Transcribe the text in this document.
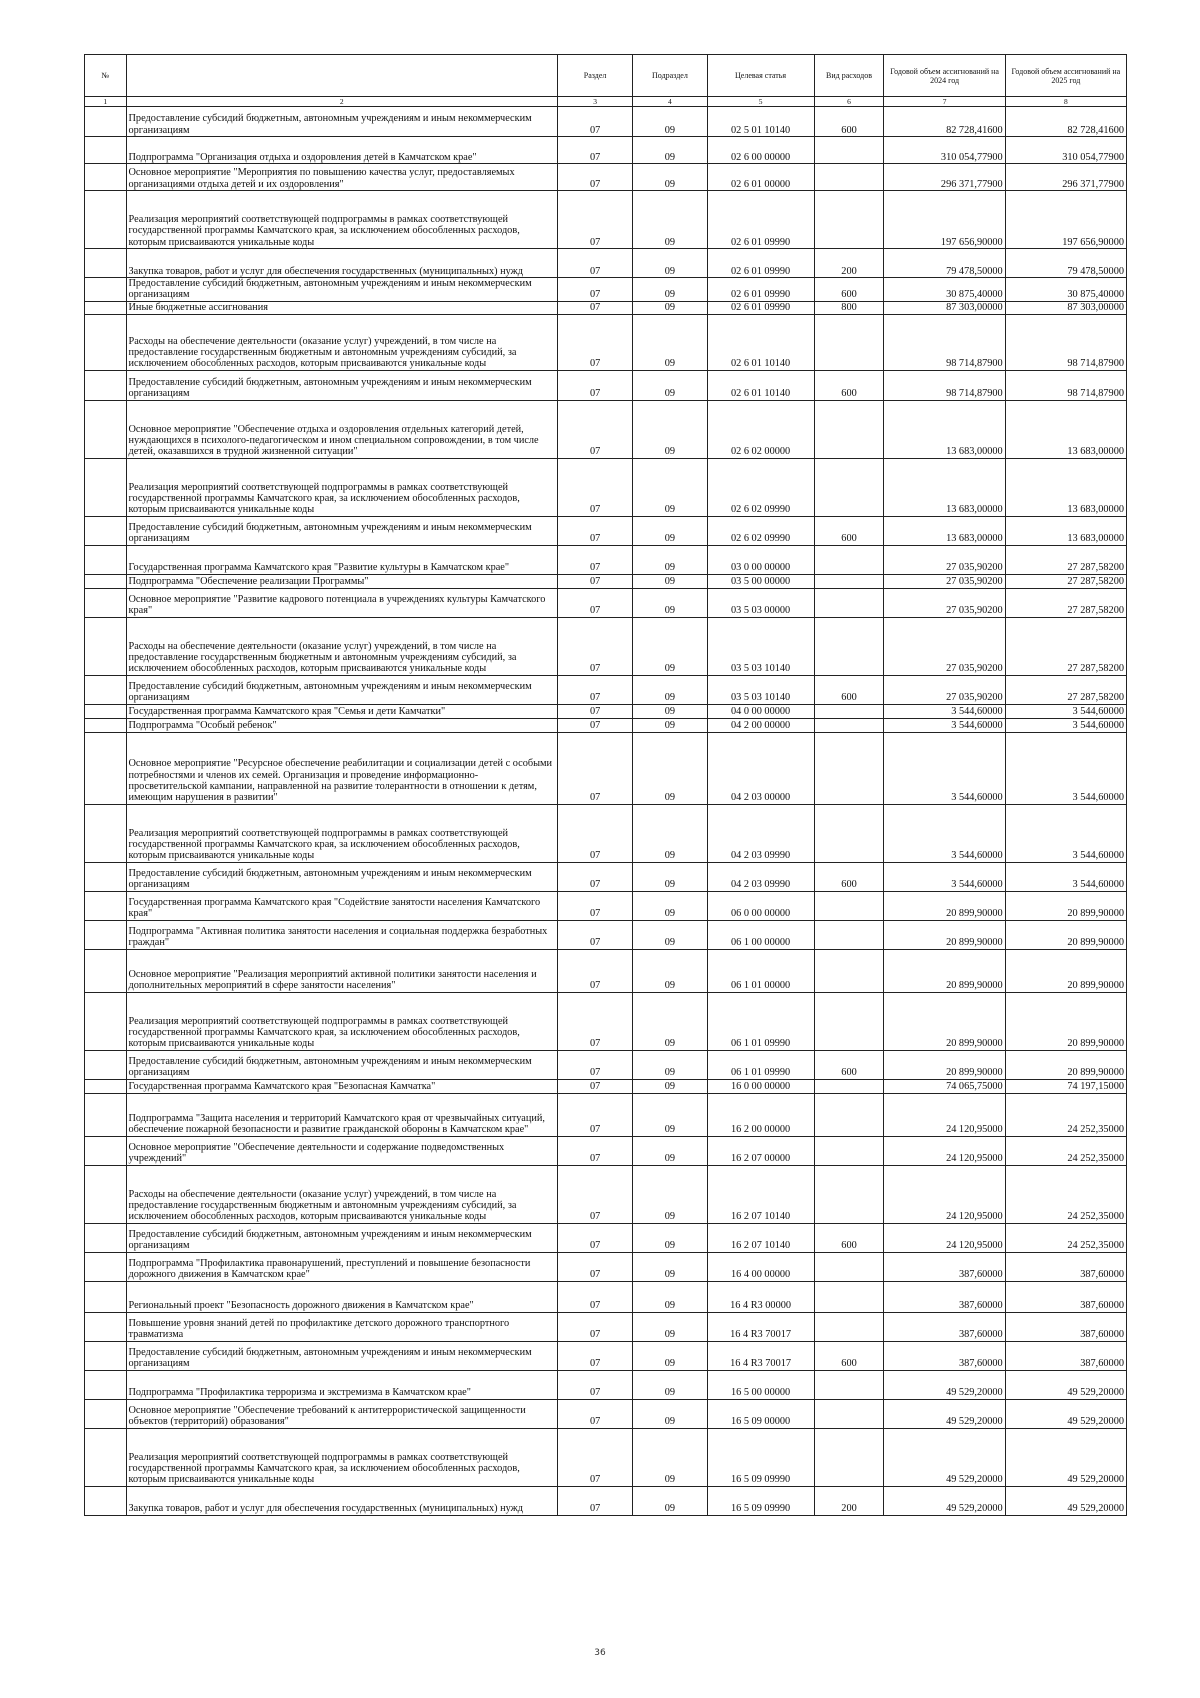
№		Раздел	Подраздел	Целевая статья	Вид расходов	Годовой объем ассигнований на 2024 год	Годовой объем ассигнований на 2025 год
1	2	3	4	5	6	7	8
	Предоставление субсидий бюджетным, автономным учреждениям и иным некоммерческим организациям	07	09	02 5 01 10140	600	82 728,41600	82 728,41600
	Подпрограмма "Организация отдыха и оздоровления детей в Камчатском крае"	07	09	02 6 00 00000		310 054,77900	310 054,77900
	Основное мероприятие "Мероприятия по повышению качества услуг, предоставляемых организациями отдыха детей и их оздоровления"	07	09	02 6 01 00000		296 371,77900	296 371,77900
	Реализация мероприятий соответствующей подпрограммы в рамках соответствующей государственной программы Камчатского края, за исключением обособленных расходов, которым присваиваются уникальные коды	07	09	02 6 01 09990		197 656,90000	197 656,90000
	Закупка товаров, работ и услуг для обеспечения государственных (муниципальных) нужд	07	09	02 6 01 09990	200	79 478,50000	79 478,50000
	Предоставление субсидий бюджетным, автономным учреждениям и иным некоммерческим организациям	07	09	02 6 01 09990	600	30 875,40000	30 875,40000
	Иные бюджетные ассигнования	07	09	02 6 01 09990	800	87 303,00000	87 303,00000
	Расходы на обеспечение деятельности (оказание услуг) учреждений, в том числе на предоставление государственным бюджетным и автономным учреждениям субсидий, за исключением обособленных расходов, которым присваиваются уникальные коды	07	09	02 6 01 10140		98 714,87900	98 714,87900
	Предоставление субсидий бюджетным, автономным учреждениям и иным некоммерческим организациям	07	09	02 6 01 10140	600	98 714,87900	98 714,87900
	Основное мероприятие "Обеспечение отдыха и оздоровления отдельных категорий детей, нуждающихся в психолого-педагогическом и ином специальном сопровождении, в том числе детей, оказавшихся в трудной жизненной ситуации"	07	09	02 6 02 00000		13 683,00000	13 683,00000
	Реализация мероприятий соответствующей подпрограммы в рамках соответствующей государственной программы Камчатского края, за исключением обособленных расходов, которым присваиваются уникальные коды	07	09	02 6 02 09990		13 683,00000	13 683,00000
	Предоставление субсидий бюджетным, автономным учреждениям и иным некоммерческим организациям	07	09	02 6 02 09990	600	13 683,00000	13 683,00000
	Государственная программа Камчатского края "Развитие культуры в Камчатском крае"	07	09	03 0 00 00000		27 035,90200	27 287,58200
	Подпрограмма "Обеспечение реализации Программы"	07	09	03 5 00 00000		27 035,90200	27 287,58200
	Основное мероприятие "Развитие кадрового потенциала в учреждениях культуры Камчатского края"	07	09	03 5 03 00000		27 035,90200	27 287,58200
	Расходы на обеспечение деятельности (оказание услуг) учреждений, в том числе на предоставление государственным бюджетным и автономным учреждениям субсидий, за исключением обособленных расходов, которым присваиваются уникальные коды	07	09	03 5 03 10140		27 035,90200	27 287,58200
	Предоставление субсидий бюджетным, автономным учреждениям и иным некоммерческим организациям	07	09	03 5 03 10140	600	27 035,90200	27 287,58200
	Государственная программа Камчатского края "Семья и дети Камчатки"	07	09	04 0 00 00000		3 544,60000	3 544,60000
	Подпрограмма "Особый ребенок"	07	09	04 2 00 00000		3 544,60000	3 544,60000
	Основное мероприятие "Ресурсное обеспечение реабилитации и социализации детей с особыми потребностями и членов их семей. Организация и проведение информационно-просветительской кампании, направленной на развитие толерантности в отношении к детям, имеющим нарушения в развитии"	07	09	04 2 03 00000		3 544,60000	3 544,60000
	Реализация мероприятий соответствующей подпрограммы в рамках соответствующей государственной программы Камчатского края, за исключением обособленных расходов, которым присваиваются уникальные коды	07	09	04 2 03 09990		3 544,60000	3 544,60000
	Предоставление субсидий бюджетным, автономным учреждениям и иным некоммерческим организациям	07	09	04 2 03 09990	600	3 544,60000	3 544,60000
	Государственная программа Камчатского края "Содействие занятости населения Камчатского края"	07	09	06 0 00 00000		20 899,90000	20 899,90000
	Подпрограмма "Активная политика занятости населения и социальная поддержка безработных граждан"	07	09	06 1 00 00000		20 899,90000	20 899,90000
	Основное мероприятие "Реализация мероприятий активной политики занятости населения и дополнительных мероприятий в сфере занятости населения"	07	09	06 1 01 00000		20 899,90000	20 899,90000
	Реализация мероприятий соответствующей подпрограммы в рамках соответствующей государственной программы Камчатского края, за исключением обособленных расходов, которым присваиваются уникальные коды	07	09	06 1 01 09990		20 899,90000	20 899,90000
	Предоставление субсидий бюджетным, автономным учреждениям и иным некоммерческим организациям	07	09	06 1 01 09990	600	20 899,90000	20 899,90000
	Государственная программа Камчатского края "Безопасная Камчатка"	07	09	16 0 00 00000		74 065,75000	74 197,15000
	Подпрограмма "Защита населения и территорий Камчатского края от чрезвычайных ситуаций, обеспечение пожарной безопасности и развитие гражданской обороны в Камчатском крае"	07	09	16 2 00 00000		24 120,95000	24 252,35000
	Основное мероприятие "Обеспечение деятельности и содержание подведомственных учреждений"	07	09	16 2 07 00000		24 120,95000	24 252,35000
	Расходы на обеспечение деятельности (оказание услуг) учреждений, в том числе на предоставление государственным бюджетным и автономным учреждениям субсидий, за исключением обособленных расходов, которым присваиваются уникальные коды	07	09	16 2 07 10140		24 120,95000	24 252,35000
	Предоставление субсидий бюджетным, автономным учреждениям и иным некоммерческим организациям	07	09	16 2 07 10140	600	24 120,95000	24 252,35000
	Подпрограмма "Профилактика правонарушений, преступлений и повышение безопасности дорожного движения в Камчатском крае"	07	09	16 4 00 00000		387,60000	387,60000
	Региональный проект "Безопасность дорожного движения в Камчатском крае"	07	09	16 4 R3 00000		387,60000	387,60000
	Повышение уровня знаний детей по профилактике детского дорожного транспортного травматизма	07	09	16 4 R3 70017		387,60000	387,60000
	Предоставление субсидий бюджетным, автономным учреждениям и иным некоммерческим организациям	07	09	16 4 R3 70017	600	387,60000	387,60000
	Подпрограмма "Профилактика терроризма и экстремизма в Камчатском крае"	07	09	16 5 00 00000		49 529,20000	49 529,20000
	Основное мероприятие "Обеспечение требований к антитеррористической защищенности объектов (территорий) образования"	07	09	16 5 09 00000		49 529,20000	49 529,20000
	Реализация мероприятий соответствующей подпрограммы в рамках соответствующей государственной программы Камчатского края, за исключением обособленных расходов, которым присваиваются уникальные коды	07	09	16 5 09 09990		49 529,20000	49 529,20000
	Закупка товаров, работ и услуг для обеспечения государственных (муниципальных) нужд	07	09	16 5 09 09990	200	49 529,20000	49 529,20000
36
